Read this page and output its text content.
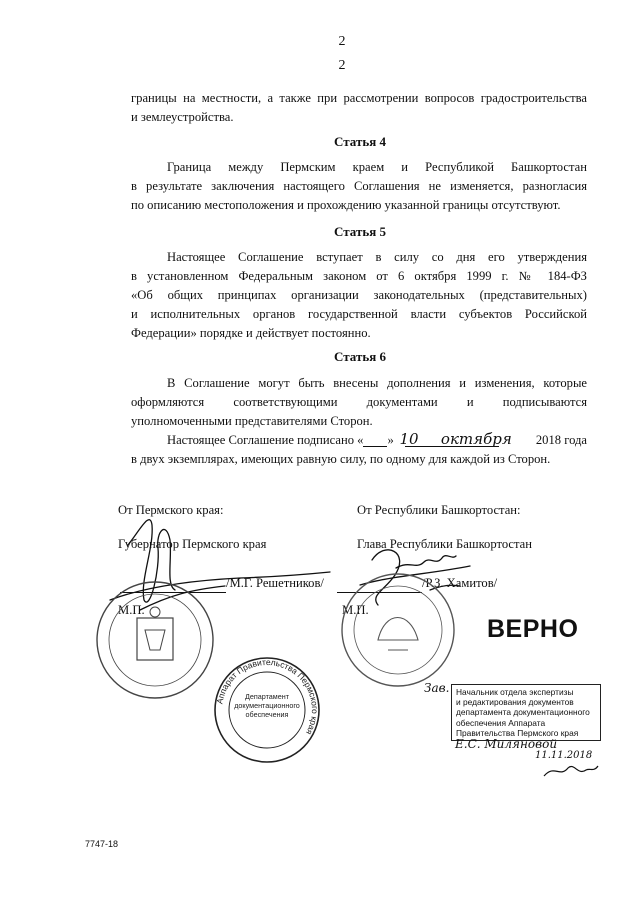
2
2
границы на местности, а также при рассмотрении вопросов градостроительства
и землеустройства.
Статья 4
Граница между Пермским краем и Республикой Башкортостан
в результате заключения настоящего Соглашения не изменяется, разногласия
по описанию местоположения и прохождению указанной границы отсутствуют.
Статья 5
Настоящее Соглашение вступает в силу со дня его утверждения
в установленном Федеральным законом от 6 октября 1999 г. № 184-ФЗ
«Об общих принципах организации законодательных (представительных)
и исполнительных органов государственной власти субъектов Российской
Федерации» порядке и действует постоянно.
Статья 6
В Соглашение могут быть внесены дополнения и изменения, которые
оформляются соответствующими документами и подписываются
уполномоченными представителями Сторон.
Настоящее Соглашение подписано « 10»	октября	2018 года
в двух экземплярах, имеющих равную силу, по одному для каждой из Сторон.
От Пермского края:
Губернатор Пермского края
/М.Г. Решетников/
М.П.
От Республики Башкортостан:
Глава Республики Башкортостан
/Р.З. Хамитов/
М.П.
Аппарат Правительства Пермского края
Департамент
документационного
обеспечения
ВЕРНО
Зав. Начальник отдела экспертизы
и редактирования документов
департамента документационного
обеспечения Аппарата
Правительства Пермского края
Е.С. Миляновой
11.11.2018
7747-18
